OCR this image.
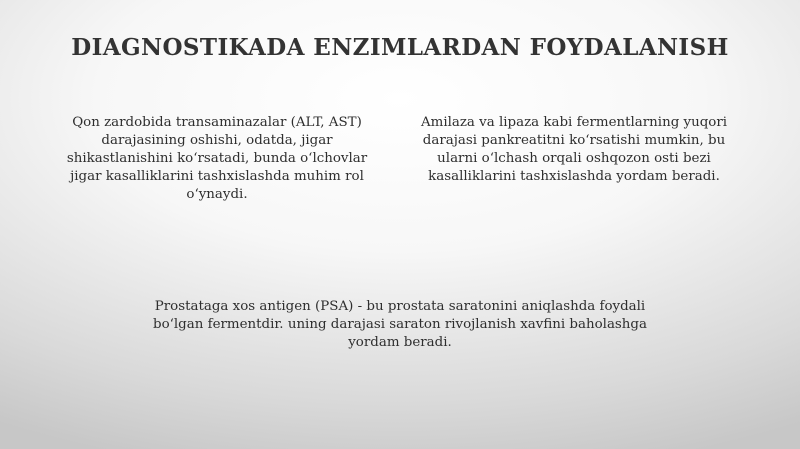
DIAGNOSTIKADA ENZIMLARDAN FOYDALANISH
Qon zardobida transaminazalar (ALT, AST) darajasining oshishi, odatda, jigar shikastlanishini koʻrsatadi, bunda oʻlchovlar jigar kasalliklarini tashxislashda muhim rol oʻynaydi.
Amilaza va lipaza kabi fermentlarning yuqori darajasi pankreatitni koʻrsatishi mumkin, bu ularni oʻlchash orqali oshqozon osti bezi kasalliklarini tashxislashda yordam beradi.
Prostataga xos antigen (PSA) - bu prostata saratonini aniqlashda foydali boʻlgan fermentdir. uning darajasi saraton rivojlanish xavfini baholashga yordam beradi.
